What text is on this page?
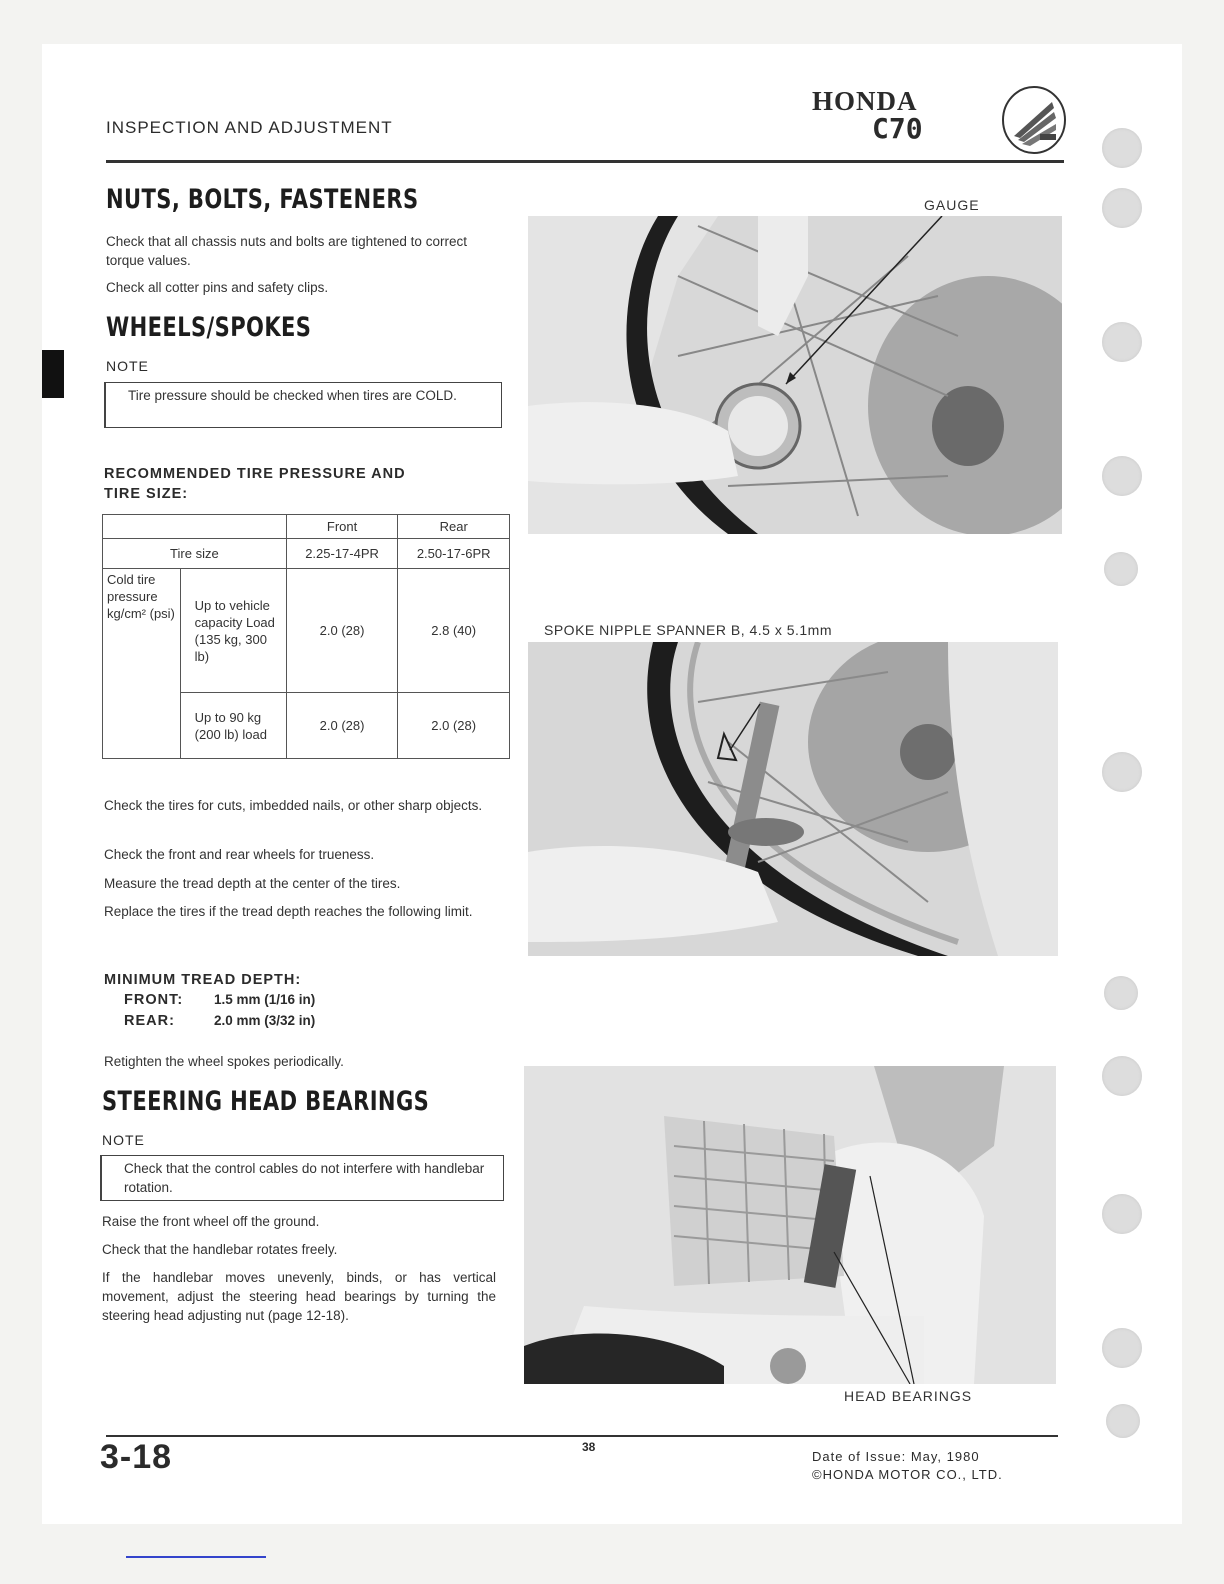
INSPECTION AND ADJUSTMENT
HONDA
C70
NUTS, BOLTS, FASTENERS
Check that all chassis nuts and bolts are tightened to correct torque values.
Check all cotter pins and safety clips.
WHEELS/SPOKES
NOTE
Tire pressure should be checked when tires are COLD.
RECOMMENDED TIRE PRESSURE AND
TIRE SIZE:
		Front	Rear
Tire size		2.25-17-4PR	2.50-17-6PR
Cold tire pressure kg/cm² (psi)	Up to vehicle capacity Load (135 kg, 300 lb)	2.0 (28)	2.8 (40)
	Up to 90 kg (200 lb) load	2.0 (28)	2.0 (28)
Check the tires for cuts, imbedded nails, or other sharp objects.
Check the front and rear wheels for trueness.
Measure the tread depth at the center of the tires.
Replace the tires if the tread depth reaches the following limit.
MINIMUM TREAD DEPTH:
FRONT: 1.5 mm (1/16 in)
REAR:	2.0 mm (3/32 in)
Retighten the wheel spokes periodically.
STEERING HEAD BEARINGS
NOTE
Check that the control cables do not interfere with handlebar rotation.
Raise the front wheel off the ground.
Check that the handlebar rotates freely.
If the handlebar moves unevenly, binds, or has vertical movement, adjust the steering head bearings by turning the steering head adjusting nut (page 12-18).
GAUGE
SPOKE NIPPLE SPANNER B, 4.5 x 5.1mm
HEAD BEARINGS
3-18	38
Date of Issue: May, 1980
©HONDA MOTOR CO., LTD.
